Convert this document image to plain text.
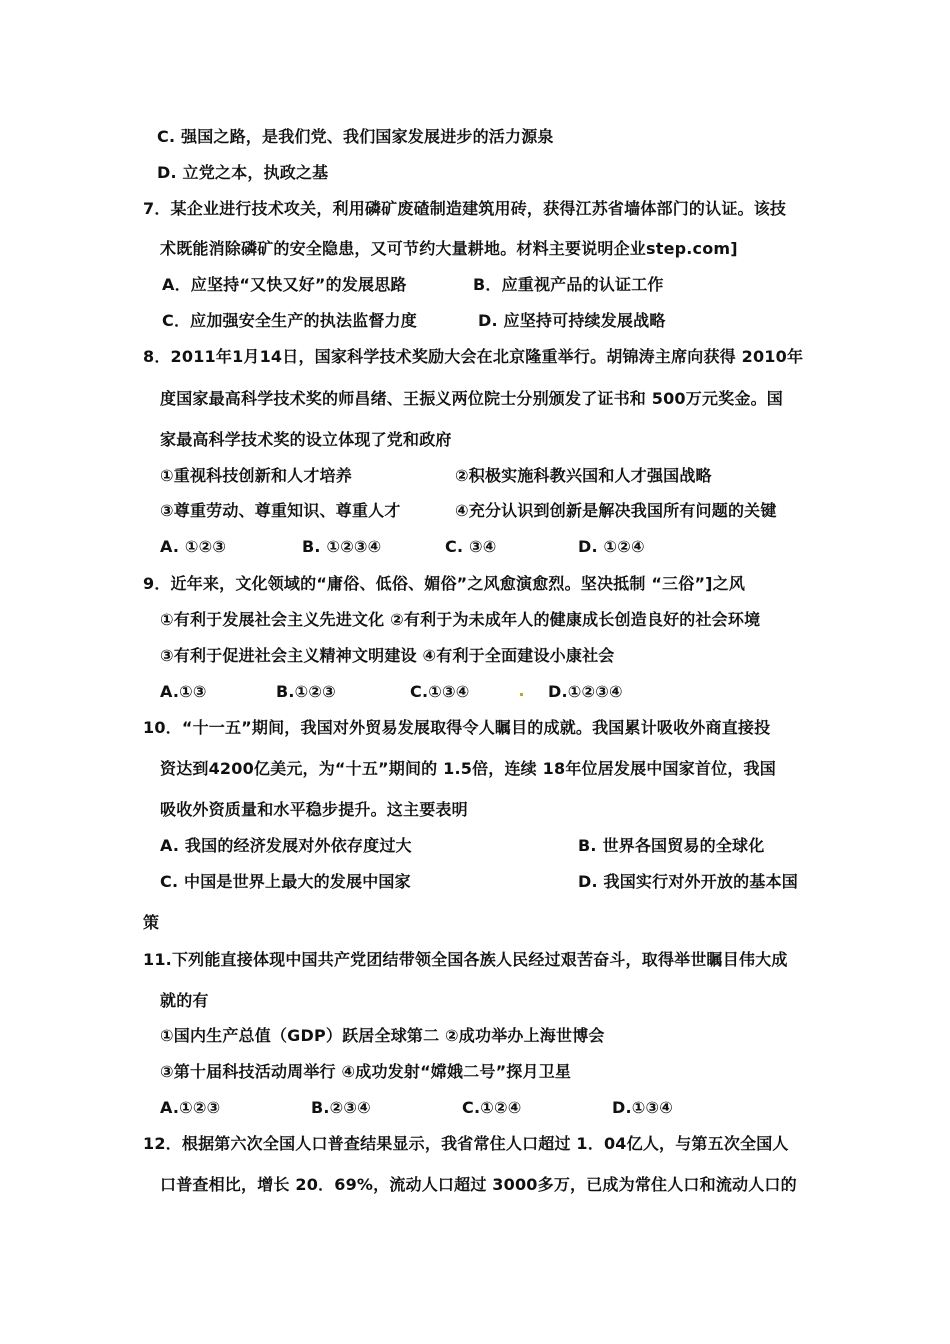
C. 强国之路，是我们党、我们国家发展进步的活力源泉
D. 立党之本，执政之基
7．某企业进行技术攻关，利用磷矿废碴制造建筑用砖，获得江苏省墙体部门的认证。该技
术既能消除磷矿的安全隐患，又可节约大量耕地。材料主要说明企业step.com]
A．应坚持“又快又好”的发展思路	B．应重视产品的认证工作
C．应加强安全生产的执法监督力度	D. 应坚持可持续发展战略
8．2011年1月14日，国家科学技术奖励大会在北京隆重举行。胡锦涛主席向获得 2010年
度国家最高科学技术奖的师昌绪、王振义两位院士分别颁发了证书和 500万元奖金。国
家最高科学技术奖的设立体现了党和政府
①重视科技创新和人才培养	②积极实施科教兴国和人才强国战略
③尊重劳动、尊重知识、尊重人才	④充分认识到创新是解决我国所有问题的关键
A. ①②③	B. ①②③④	C. ③④	D. ①②④
9．近年来，文化领域的“庸俗、低俗、媚俗”之风愈演愈烈。坚决抵制 “三俗”]之风
①有利于发展社会主义先进文化 ②有利于为未成年人的健康成长创造良好的社会环境
③有利于促进社会主义精神文明建设 ④有利于全面建设小康社会
A.①③	B.①②③	C.①③④	D.①②③④
10．“十一五”期间，我国对外贸易发展取得令人瞩目的成就。我国累计吸收外商直接投
资达到4200亿美元，为“十五”期间的 1.5倍，连续 18年位居发展中国家首位，我国
吸收外资质量和水平稳步提升。这主要表明
A. 我国的经济发展对外依存度过大	B. 世界各国贸易的全球化
C. 中国是世界上最大的发展中国家	D. 我国实行对外开放的基本国
策
11.下列能直接体现中国共产党团结带领全国各族人民经过艰苦奋斗，取得举世瞩目伟大成
就的有
①国内生产总值（GDP）跃居全球第二 ②成功举办上海世博会
③第十届科技活动周举行 ④成功发射“嫦娥二号”探月卫星
A.①②③	B.②③④	C.①②④	D.①③④
12．根据第六次全国人口普查结果显示，我省常住人口超过 1．04亿人，与第五次全国人
口普查相比，增长 20．69%，流动人口超过 3000多万，已成为常住人口和流动人口的
